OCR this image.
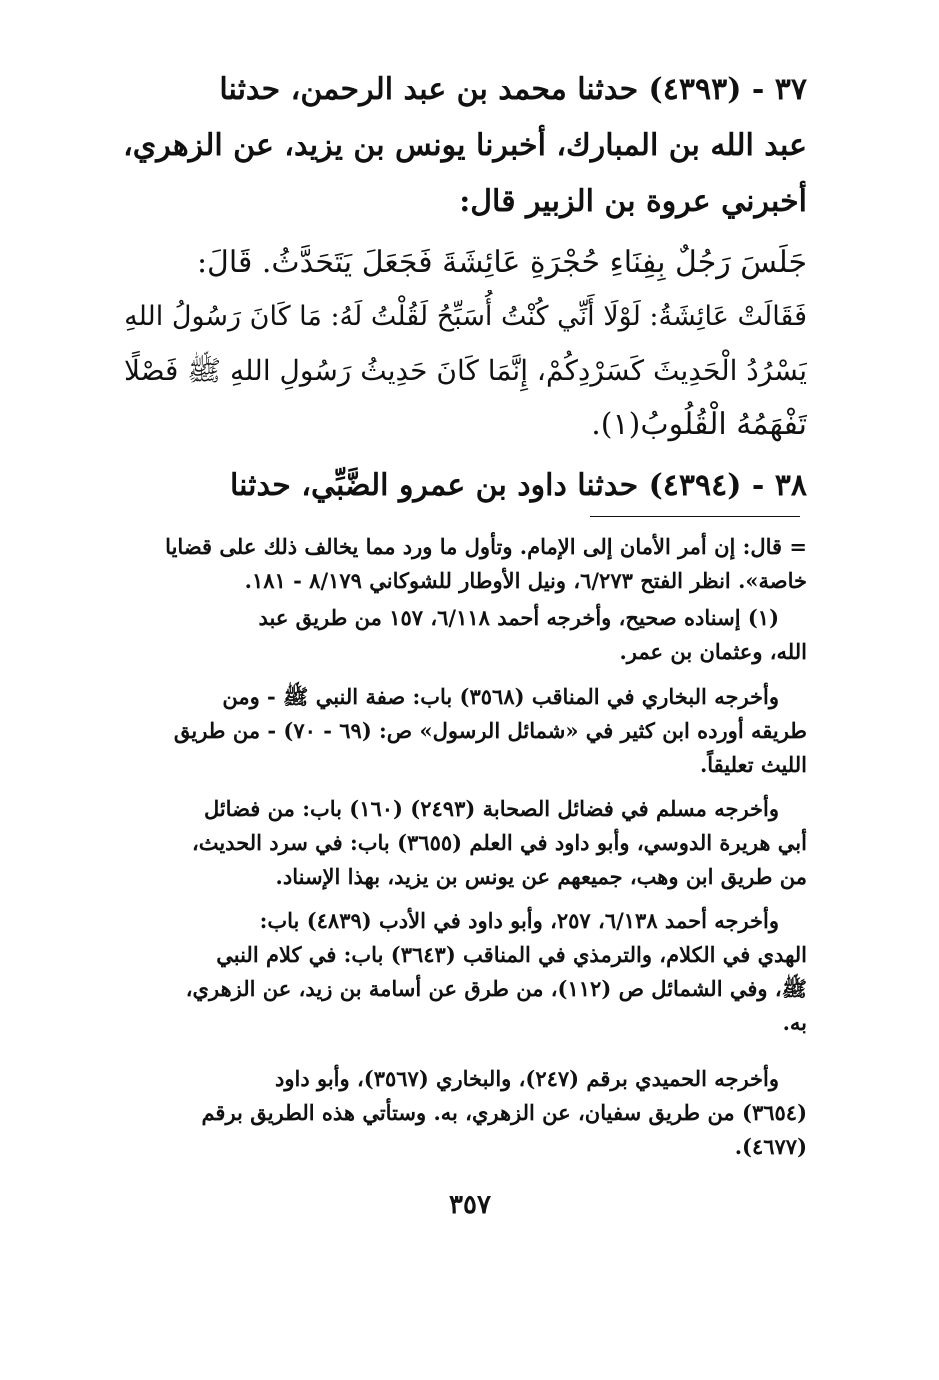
٣٧ - (٤٣٩٣) حدثنا محمد بن عبد الرحمن، حدثنا
عبد الله بن المبارك، أخبرنا يونس بن يزيد، عن الزهري،
أخبرني عروة بن الزبير قال:
جَلَسَ رَجُلٌ بِفِنَاءِ حُجْرَةِ عَائِشَةَ فَجَعَلَ يَتَحَدَّثُ. قَالَ:
فَقَالَتْ عَائِشَةُ: لَوْلَا أَنِّي كُنْتُ أُسَبِّحُ لَقُلْتُ لَهُ: مَا كَانَ رَسُولُ اللهِ
يَسْرُدُ الْحَدِيثَ كَسَرْدِكُمْ، إِنَّمَا كَانَ حَدِيثُ رَسُولِ اللهِ ﷺ فَصْلًا
تَفْهَمُهُ الْقُلُوبُ(١).
٣٨ - (٤٣٩٤) حدثنا داود بن عمرو الضَّبِّي، حدثنا
= قال: إن أمر الأمان إلى الإمام. وتأول ما ورد مما يخالف ذلك على قضايا
خاصة». انظر الفتح ٦/٢٧٣، ونيل الأوطار للشوكاني ٨/١٧٩ - ١٨١.
(١) إسناده صحيح، وأخرجه أحمد ٦/١١٨، ١٥٧ من طريق عبد
الله، وعثمان بن عمر.
وأخرجه البخاري في المناقب (٣٥٦٨) باب: صفة النبي ﷺ - ومن
طريقه أورده ابن كثير في «شمائل الرسول» ص: (٦٩ - ٧٠) - من طريق
الليث تعليقاً.
وأخرجه مسلم في فضائل الصحابة (٢٤٩٣) (١٦٠) باب: من فضائل
أبي هريرة الدوسي، وأبو داود في العلم (٣٦٥٥) باب: في سرد الحديث،
من طريق ابن وهب، جميعهم عن يونس بن يزيد، بهذا الإسناد.
وأخرجه أحمد ٦/١٣٨، ٢٥٧، وأبو داود في الأدب (٤٨٣٩) باب:
الهدي في الكلام، والترمذي في المناقب (٣٦٤٣) باب: في كلام النبي
ﷺ، وفي الشمائل ص (١١٢)، من طرق عن أسامة بن زيد، عن الزهري،
به.
وأخرجه الحميدي برقم (٢٤٧)، والبخاري (٣٥٦٧)، وأبو داود
(٣٦٥٤) من طريق سفيان، عن الزهري، به. وستأتي هذه الطريق برقم
(٤٦٧٧).
٣٥٧
